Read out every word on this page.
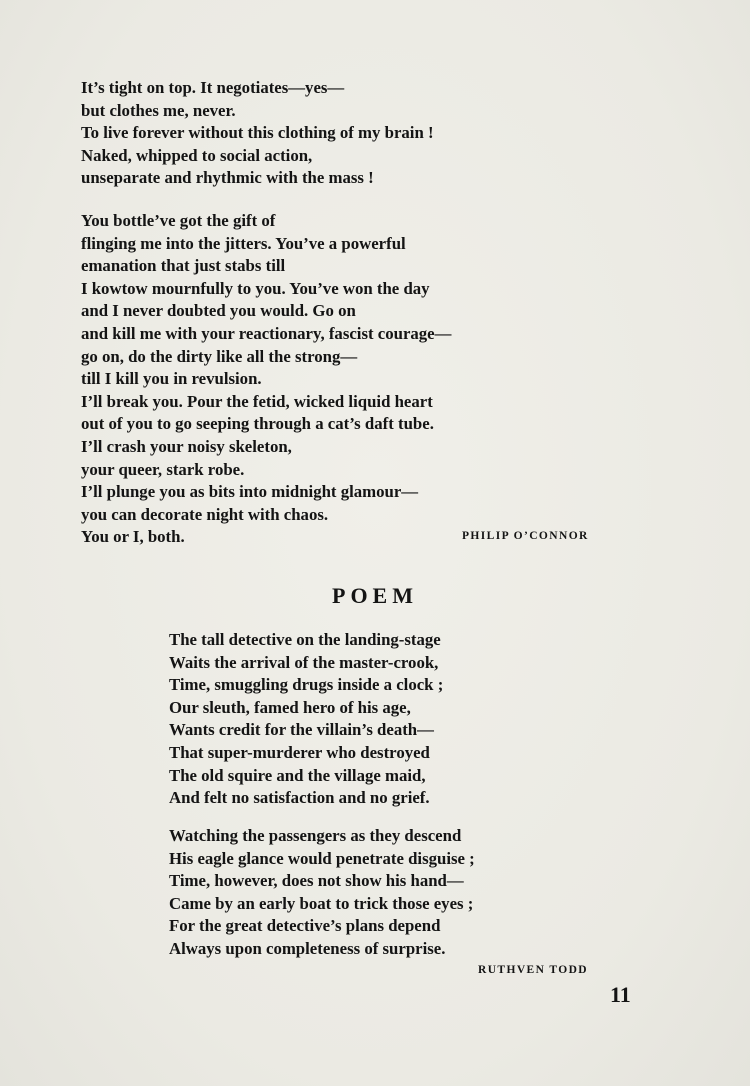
It’s tight on top. It negotiates—yes—
but clothes me, never.
To live forever without this clothing of my brain !
Naked, whipped to social action,
unseparate and rhythmic with the mass !
You bottle’ve got the gift of
flinging me into the jitters. You’ve a powerful
emanation that just stabs till
I kowtow mournfully to you. You’ve won the day
and I never doubted you would. Go on
and kill me with your reactionary, fascist courage—
go on, do the dirty like all the strong—
till I kill you in revulsion.
I’ll break you. Pour the fetid, wicked liquid heart
out of you to go seeping through a cat’s daft tube.
I’ll crash your noisy skeleton,
your queer, stark robe.
I’ll plunge you as bits into midnight glamour—
you can decorate night with chaos.
You or I, both.	PHILIP O’CONNOR
POEM
The tall detective on the landing-stage
Waits the arrival of the master-crook,
Time, smuggling drugs inside a clock ;
Our sleuth, famed hero of his age,
Wants credit for the villain’s death—
That super-murderer who destroyed
The old squire and the village maid,
And felt no satisfaction and no grief.
Watching the passengers as they descend
His eagle glance would penetrate disguise ;
Time, however, does not show his hand—
Came by an early boat to trick those eyes ;
For the great detective’s plans depend
Always upon completeness of surprise.
RUTHVEN TODD
11
